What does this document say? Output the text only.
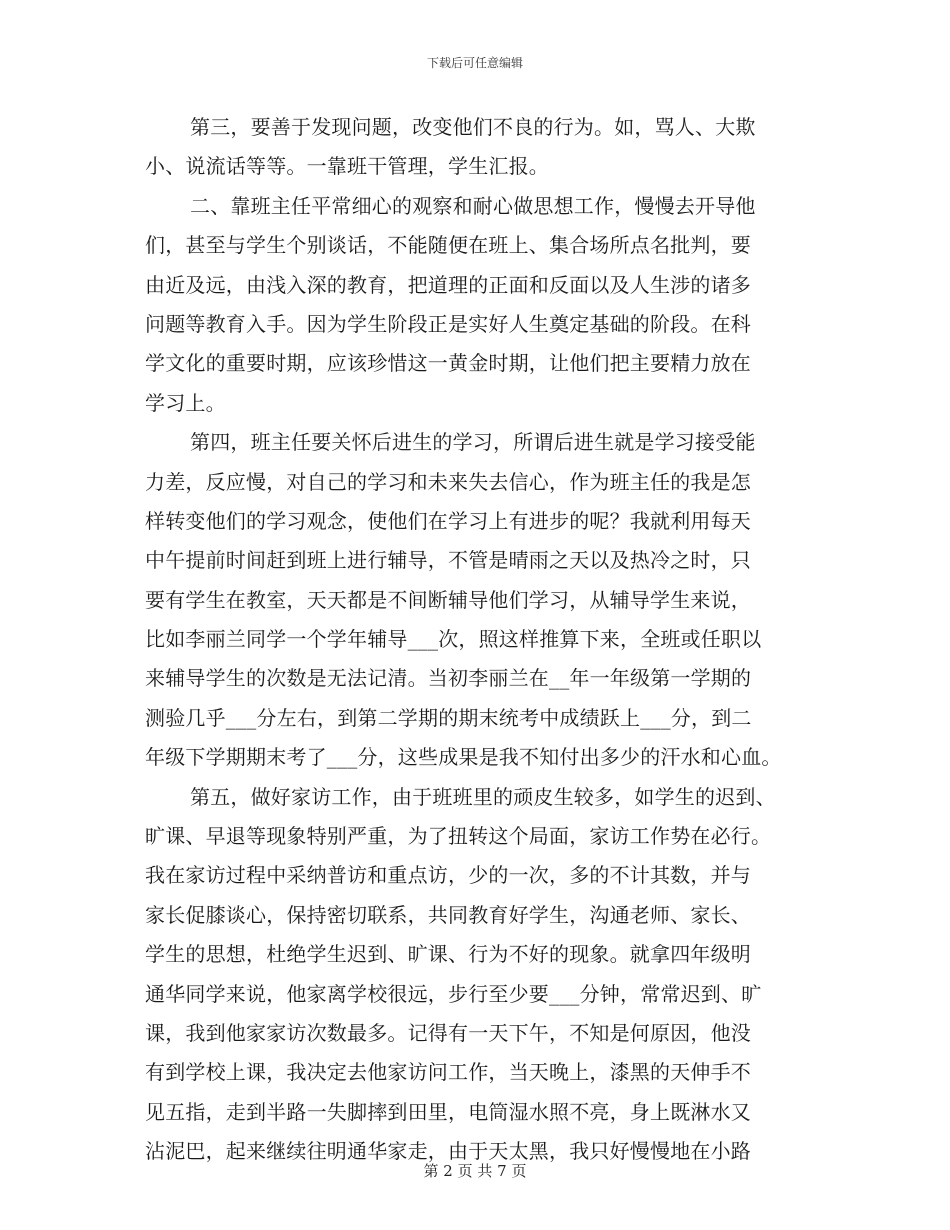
下载后可任意编辑
第三，要善于发现问题，改变他们不良的行为。如，骂人、大欺
小、说流话等等。一靠班干管理，学生汇报。
二、靠班主任平常细心的观察和耐心做思想工作，慢慢去开导他
们，甚至与学生个别谈话，不能随便在班上、集合场所点名批判，要
由近及远，由浅入深的教育，把道理的正面和反面以及人生涉的诸多
问题等教育入手。因为学生阶段正是实好人生奠定基础的阶段。在科
学文化的重要时期，应该珍惜这一黄金时期，让他们把主要精力放在
学习上。
第四，班主任要关怀后进生的学习，所谓后进生就是学习接受能
力差，反应慢，对自己的学习和未来失去信心，作为班主任的我是怎
样转变他们的学习观念，使他们在学习上有进步的呢？我就利用每天
中午提前时间赶到班上进行辅导，不管是晴雨之天以及热冷之时，只
要有学生在教室，天天都是不间断辅导他们学习，从辅导学生来说，
比如李丽兰同学一个学年辅导___次，照这样推算下来，全班或任职以
来辅导学生的次数是无法记清。当初李丽兰在__年一年级第一学期的
测验几乎___分左右，到第二学期的期末统考中成绩跃上___分，到二
年级下学期期末考了___分，这些成果是我不知付出多少的汗水和心血。
第五，做好家访工作，由于班班里的顽皮生较多，如学生的迟到、
旷课、早退等现象特别严重，为了扭转这个局面，家访工作势在必行。
我在家访过程中采纳普访和重点访，少的一次，多的不计其数，并与
家长促膝谈心，保持密切联系，共同教育好学生，沟通老师、家长、
学生的思想，杜绝学生迟到、旷课、行为不好的现象。就拿四年级明
通华同学来说，他家离学校很远，步行至少要___分钟，常常迟到、旷
课，我到他家家访次数最多。记得有一天下午，不知是何原因，他没
有到学校上课，我决定去他家访问工作，当天晚上，漆黑的天伸手不
见五指，走到半路一失脚摔到田里，电筒湿水照不亮，身上既淋水又
沾泥巴，起来继续往明通华家走，由于天太黑，我只好慢慢地在小路
第 2 页 共 7 页
